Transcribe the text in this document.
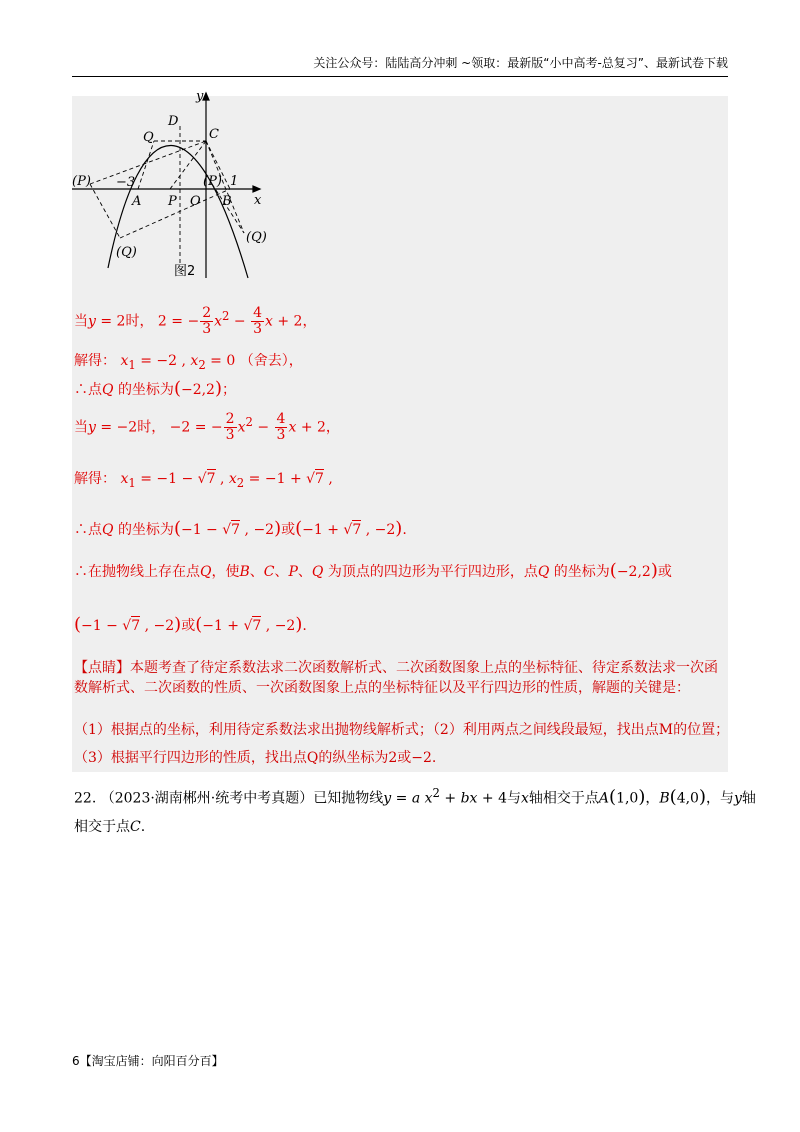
关注公众号：陆陆高分冲刺 ~领取：最新版“小中高考-总复习”、最新试卷下载
y
x
D
C
Q
(P) −3	(P) 1
A P O B
(Q)
(Q)
图2
当y = 2时， 2 = − $\frac{2}{3} x^2 - \frac{4}{3}$ x + 2，
解得： $x_1 = -2$ , $x_2 = 0$ （舍去），
∴点Q 的坐标为(−2,2)；
当y = −2时， −2 = − $\frac{2}{3} x^2 - \frac{4}{3}$ x + 2，
解得： $x_1 = -1 - √7$ , $x_2 = -1 + √7$ ,
∴点Q 的坐标为(−1 − √7 , −2)或(−1 + √7 , −2).
∴在抛物线上存在点Q，使B、C、P、Q 为顶点的四边形为平行四边形，点Q 的坐标为(−2,2)或
(−1 − √7 , −2)或(−1 + √7 , −2).
【点睛】本题考查了待定系数法求二次函数解析式、二次函数图象上点的坐标特征、待定系数法求一次函数解析式、二次函数的性质、一次函数图象上点的坐标特征以及平行四边形的性质，解题的关键是：
（1）根据点的坐标，利用待定系数法求出抛物线解析式；（2）利用两点之间线段最短，找出点M的位置；
（3）根据平行四边形的性质，找出点Q的纵坐标为2或−2.
22. （2023·湖南郴州·统考中考真题）已知抛物线y = a $x^2$ + bx + 4与x轴相交于点A(1,0)，B(4,0)，与y轴
相交于点C.
6【淘宝店铺：向阳百分百】
